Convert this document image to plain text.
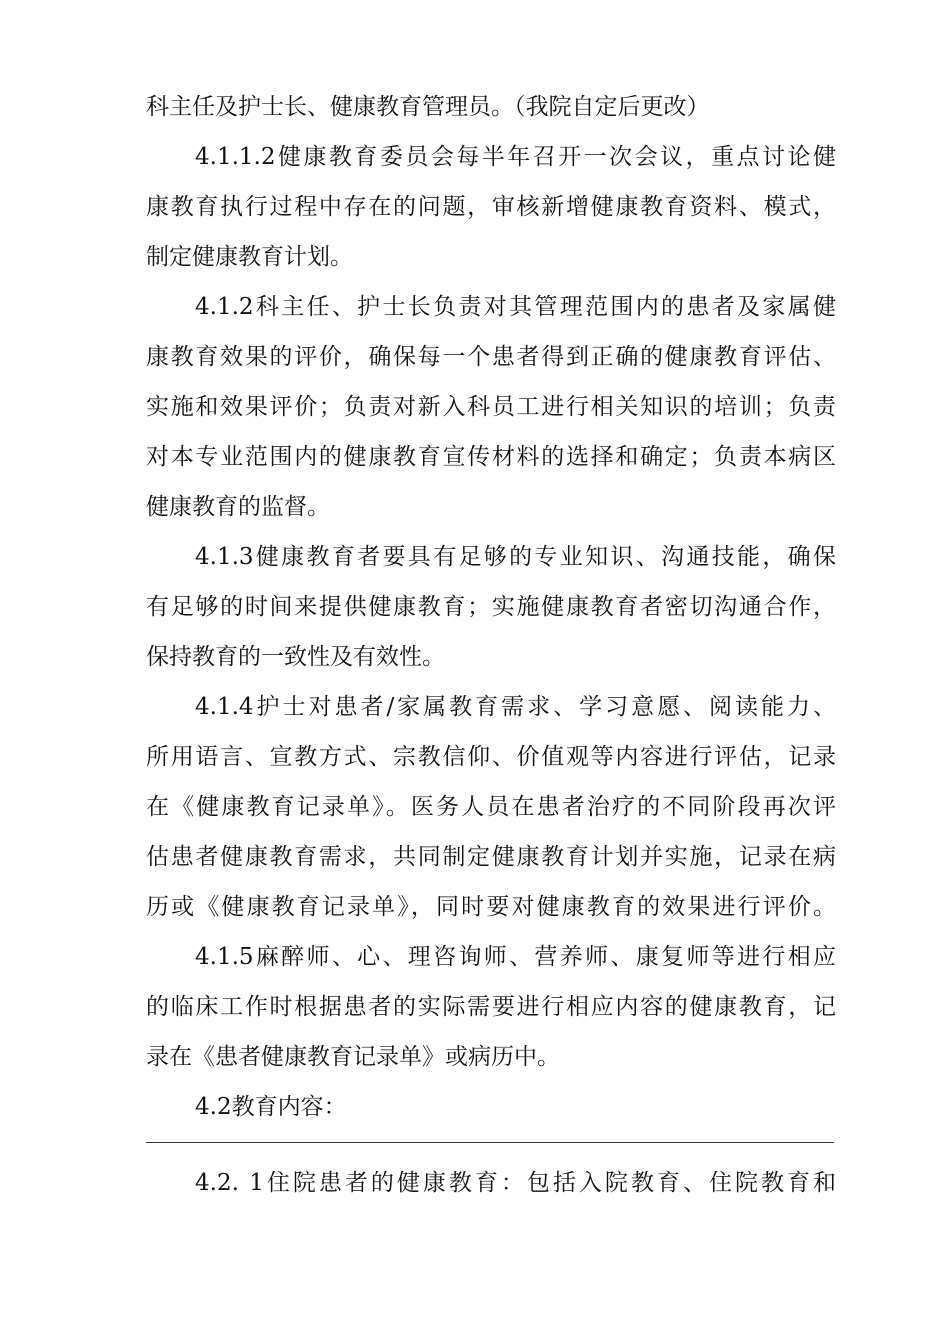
科主任及护士长、健康教育管理员。（我院自定后更改）
4.1.1.2健康教育委员会每半年召开一次会议，重点讨论健
康教育执行过程中存在的问题，审核新增健康教育资料、模式，
制定健康教育计划。
4.1.2科主任、护士长负责对其管理范围内的患者及家属健
康教育效果的评价，确保每一个患者得到正确的健康教育评估、
实施和效果评价；负责对新入科员工进行相关知识的培训；负责
对本专业范围内的健康教育宣传材料的选择和确定；负责本病区
健康教育的监督。
4.1.3健康教育者要具有足够的专业知识、沟通技能，确保
有足够的时间来提供健康教育；实施健康教育者密切沟通合作，
保持教育的一致性及有效性。
4.1.4护士对患者/家属教育需求、学习意愿、阅读能力、
所用语言、宣教方式、宗教信仰、价值观等内容进行评估，记录
在《健康教育记录单》。医务人员在患者治疗的不同阶段再次评
估患者健康教育需求，共同制定健康教育计划并实施，记录在病
历或《健康教育记录单》，同时要对健康教育的效果进行评价。
4.1.5麻醉师、心、理咨询师、营养师、康复师等进行相应
的临床工作时根据患者的实际需要进行相应内容的健康教育，记
录在《患者健康教育记录单》或病历中。
4.2教育内容：
4.2. 1住院患者的健康教育：包括入院教育、住院教育和
